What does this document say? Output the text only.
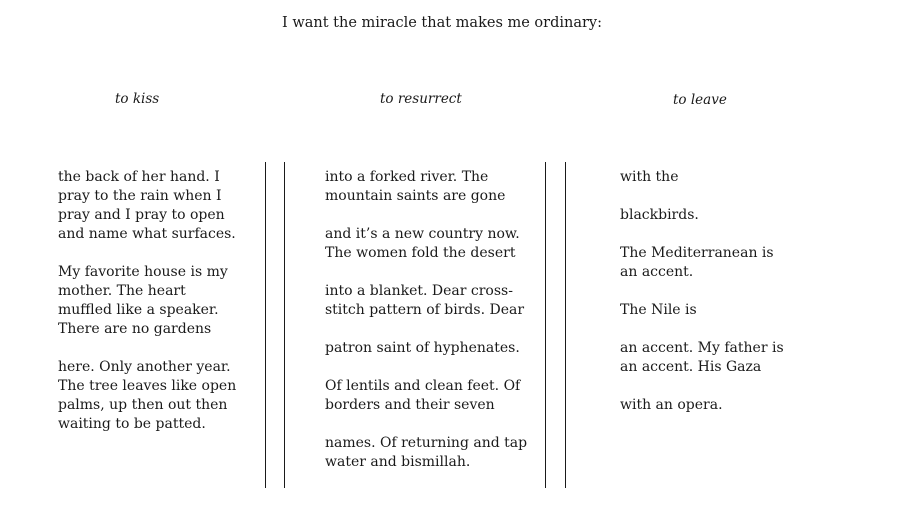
I want the miracle that makes me ordinary:
to kiss	to resurrect	to leave
the back of her hand. I
pray to the rain when I
pray and I pray to open
and name what surfaces.
My favorite house is my
mother. The heart
muffled like a speaker.
There are no gardens
here. Only another year.
The tree leaves like open
palms, up then out then
waiting to be patted.
into a forked river. The
mountain saints are gone
and it’s a new country now.
The women fold the desert
into a blanket. Dear cross-
stitch pattern of birds. Dear
patron saint of hyphenates.
Of lentils and clean feet. Of
borders and their seven
names. Of returning and tap
water and bismillah.
with the
blackbirds.
The Mediterranean is
an accent.
The Nile is
an accent. My father is
an accent. His Gaza
with an opera.
